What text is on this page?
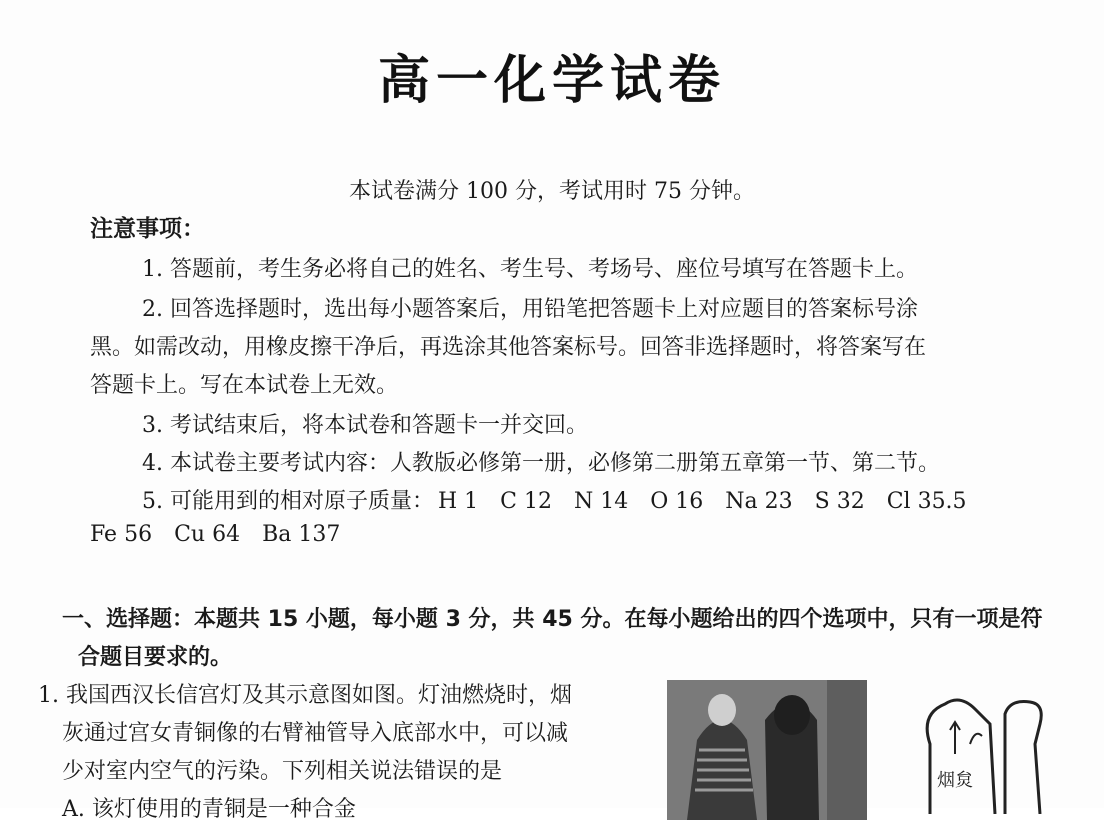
高一化学试卷
本试卷满分 100 分，考试用时 75 分钟。
注意事项：
1. 答题前，考生务必将自己的姓名、考生号、考场号、座位号填写在答题卡上。
2. 回答选择题时，选出每小题答案后，用铅笔把答题卡上对应题目的答案标号涂
黑。如需改动，用橡皮擦干净后，再选涂其他答案标号。回答非选择题时，将答案写在
答题卡上。写在本试卷上无效。
3. 考试结束后，将本试卷和答题卡一并交回。
4. 本试卷主要考试内容：人教版必修第一册，必修第二册第五章第一节、第二节。
5. 可能用到的相对原子质量： H 1 C 12 N 14 O 16 Na 23 S 32 Cl 35.5
Fe 56 Cu 64 Ba 137
一、选择题：本题共 15 小题，每小题 3 分，共 45 分。在每小题给出的四个选项中，只有一项是符
合题目要求的。
1. 我国西汉长信宫灯及其示意图如图。灯油燃烧时，烟
灰通过宫女青铜像的右臂袖管导入底部水中，可以减
少对室内空气的污染。下列相关说法错误的是
A. 该灯使用的青铜是一种合金
烟炱
